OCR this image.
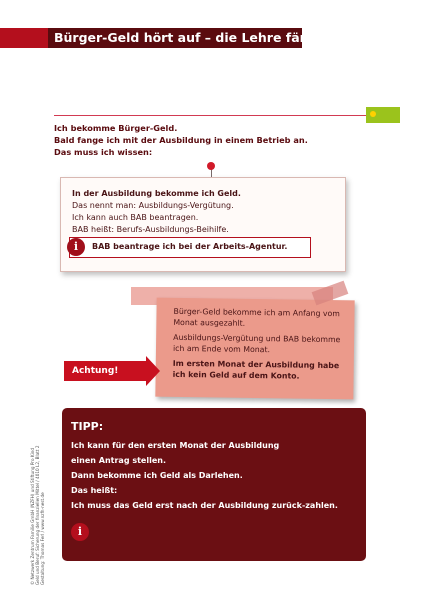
Bürger-Geld hört auf – die Lehre fängt an
NEST
Ich bekomme Bürger-Geld.
Bald fange ich mit der Ausbildung in einem Betrieb an.
Das muss ich wissen:
In der Ausbildung bekomme ich Geld.
Das nennt man: Ausbildungs-Vergütung.
Ich kann auch BAB beantragen.
BAB heißt: Berufs-Ausbildungs-Beihilfe.
i	BAB beantrage ich bei der Arbeits-Agentur.

Bürger-Geld bekomme ich am Anfang vom Monat ausgezahlt.

Ausbildungs-Vergütung und BAB bekomme ich am Ende vom Monat.

Im ersten Monat der Ausbildung habe ich kein Geld auf dem Konto.

Achtung!
TIPP:
Ich kann für den ersten Monat der Ausbildung
einen Antrag stellen.
Dann bekomme ich Geld als Darlehen.
Das heißt:
Ich muss das Geld erst nach der Ausbildung zurück-zahlen.
i
© Netzwerk Zentrum Familie GmbH (NZFH) und Stiftung Pro Kind Geld und Beruf: Sicherung der finanziellen Mittel / 4010 L2, Blatt 2 Gestaltung: Thomas Ferl / www.nzfh-nest.de
